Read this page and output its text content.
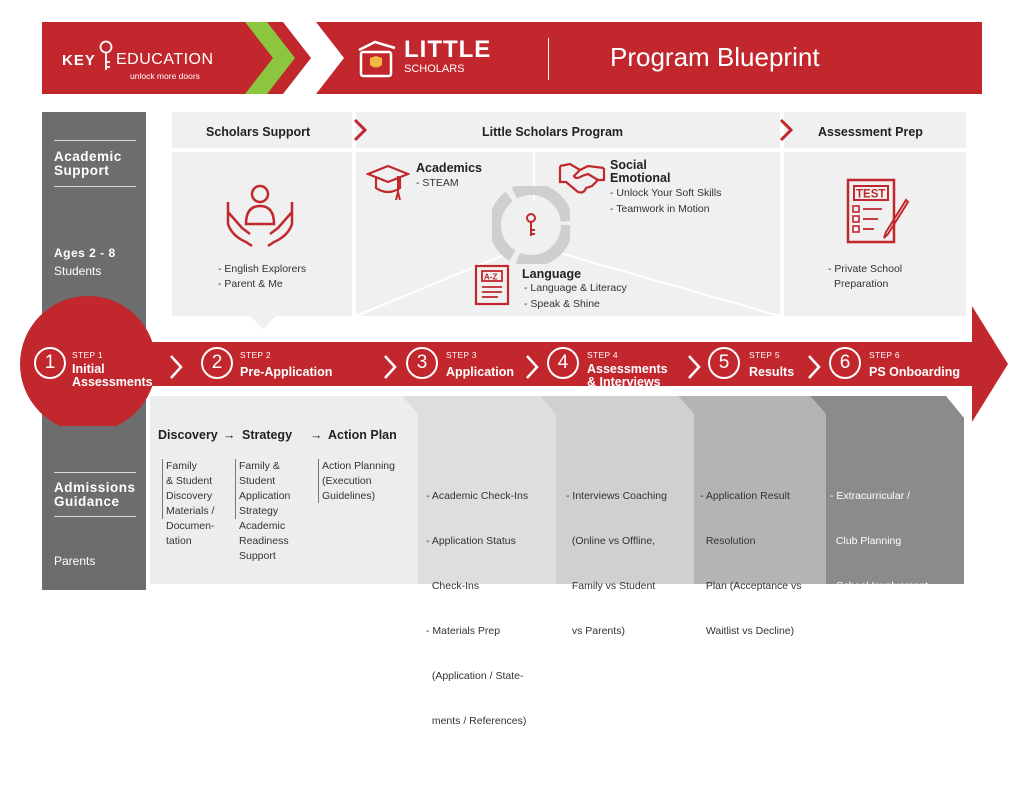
KEY EDUCATION
unlock more doors
LITTLE
SCHOLARS	Program Blueprint
Academic
Support
Ages 2 - 8
Students
Admissions
Guidance
Parents
Scholars Support	Little Scholars Program	Assessment Prep
- English Explorers
- Parent & Me
Academics
- STEAM
Social
Emotional
- Unlock Your Soft Skills
- Teamwork in Motion
A-Z Language
- Language & Literacy
- Speak & Shine
TEST
- Private School
Preparation
1	STEP 1
Initial
Assessments
2	STEP 2
Pre-Application	3	STEP 3
Application	4	STEP 4
Assessments
& Interviews
5	STEP 5
Results	6	STEP 6
PS Onboarding
Discovery → Strategy → Action Plan
Family
& Student
Discovery
Materials /
Documen-
tation
Family &
Student
Application
Strategy
Academic
Readiness
Support
Action Planning
(Execution
Guidelines)

	- Academic Check-Ins

- Application Status

Check-Ins

- Materials Prep

(Application / State-

ments / References)

- Interviews Coaching

(Online vs Offline,

Family vs Student

vs Parents)

- Application Result

Resolution

Plan (Acceptance vs

Waitlist vs Decline)

- Extracurricular /

Club Planning

- School Involvement

Planning

- Class Planning/

Community Involvement

Planning
